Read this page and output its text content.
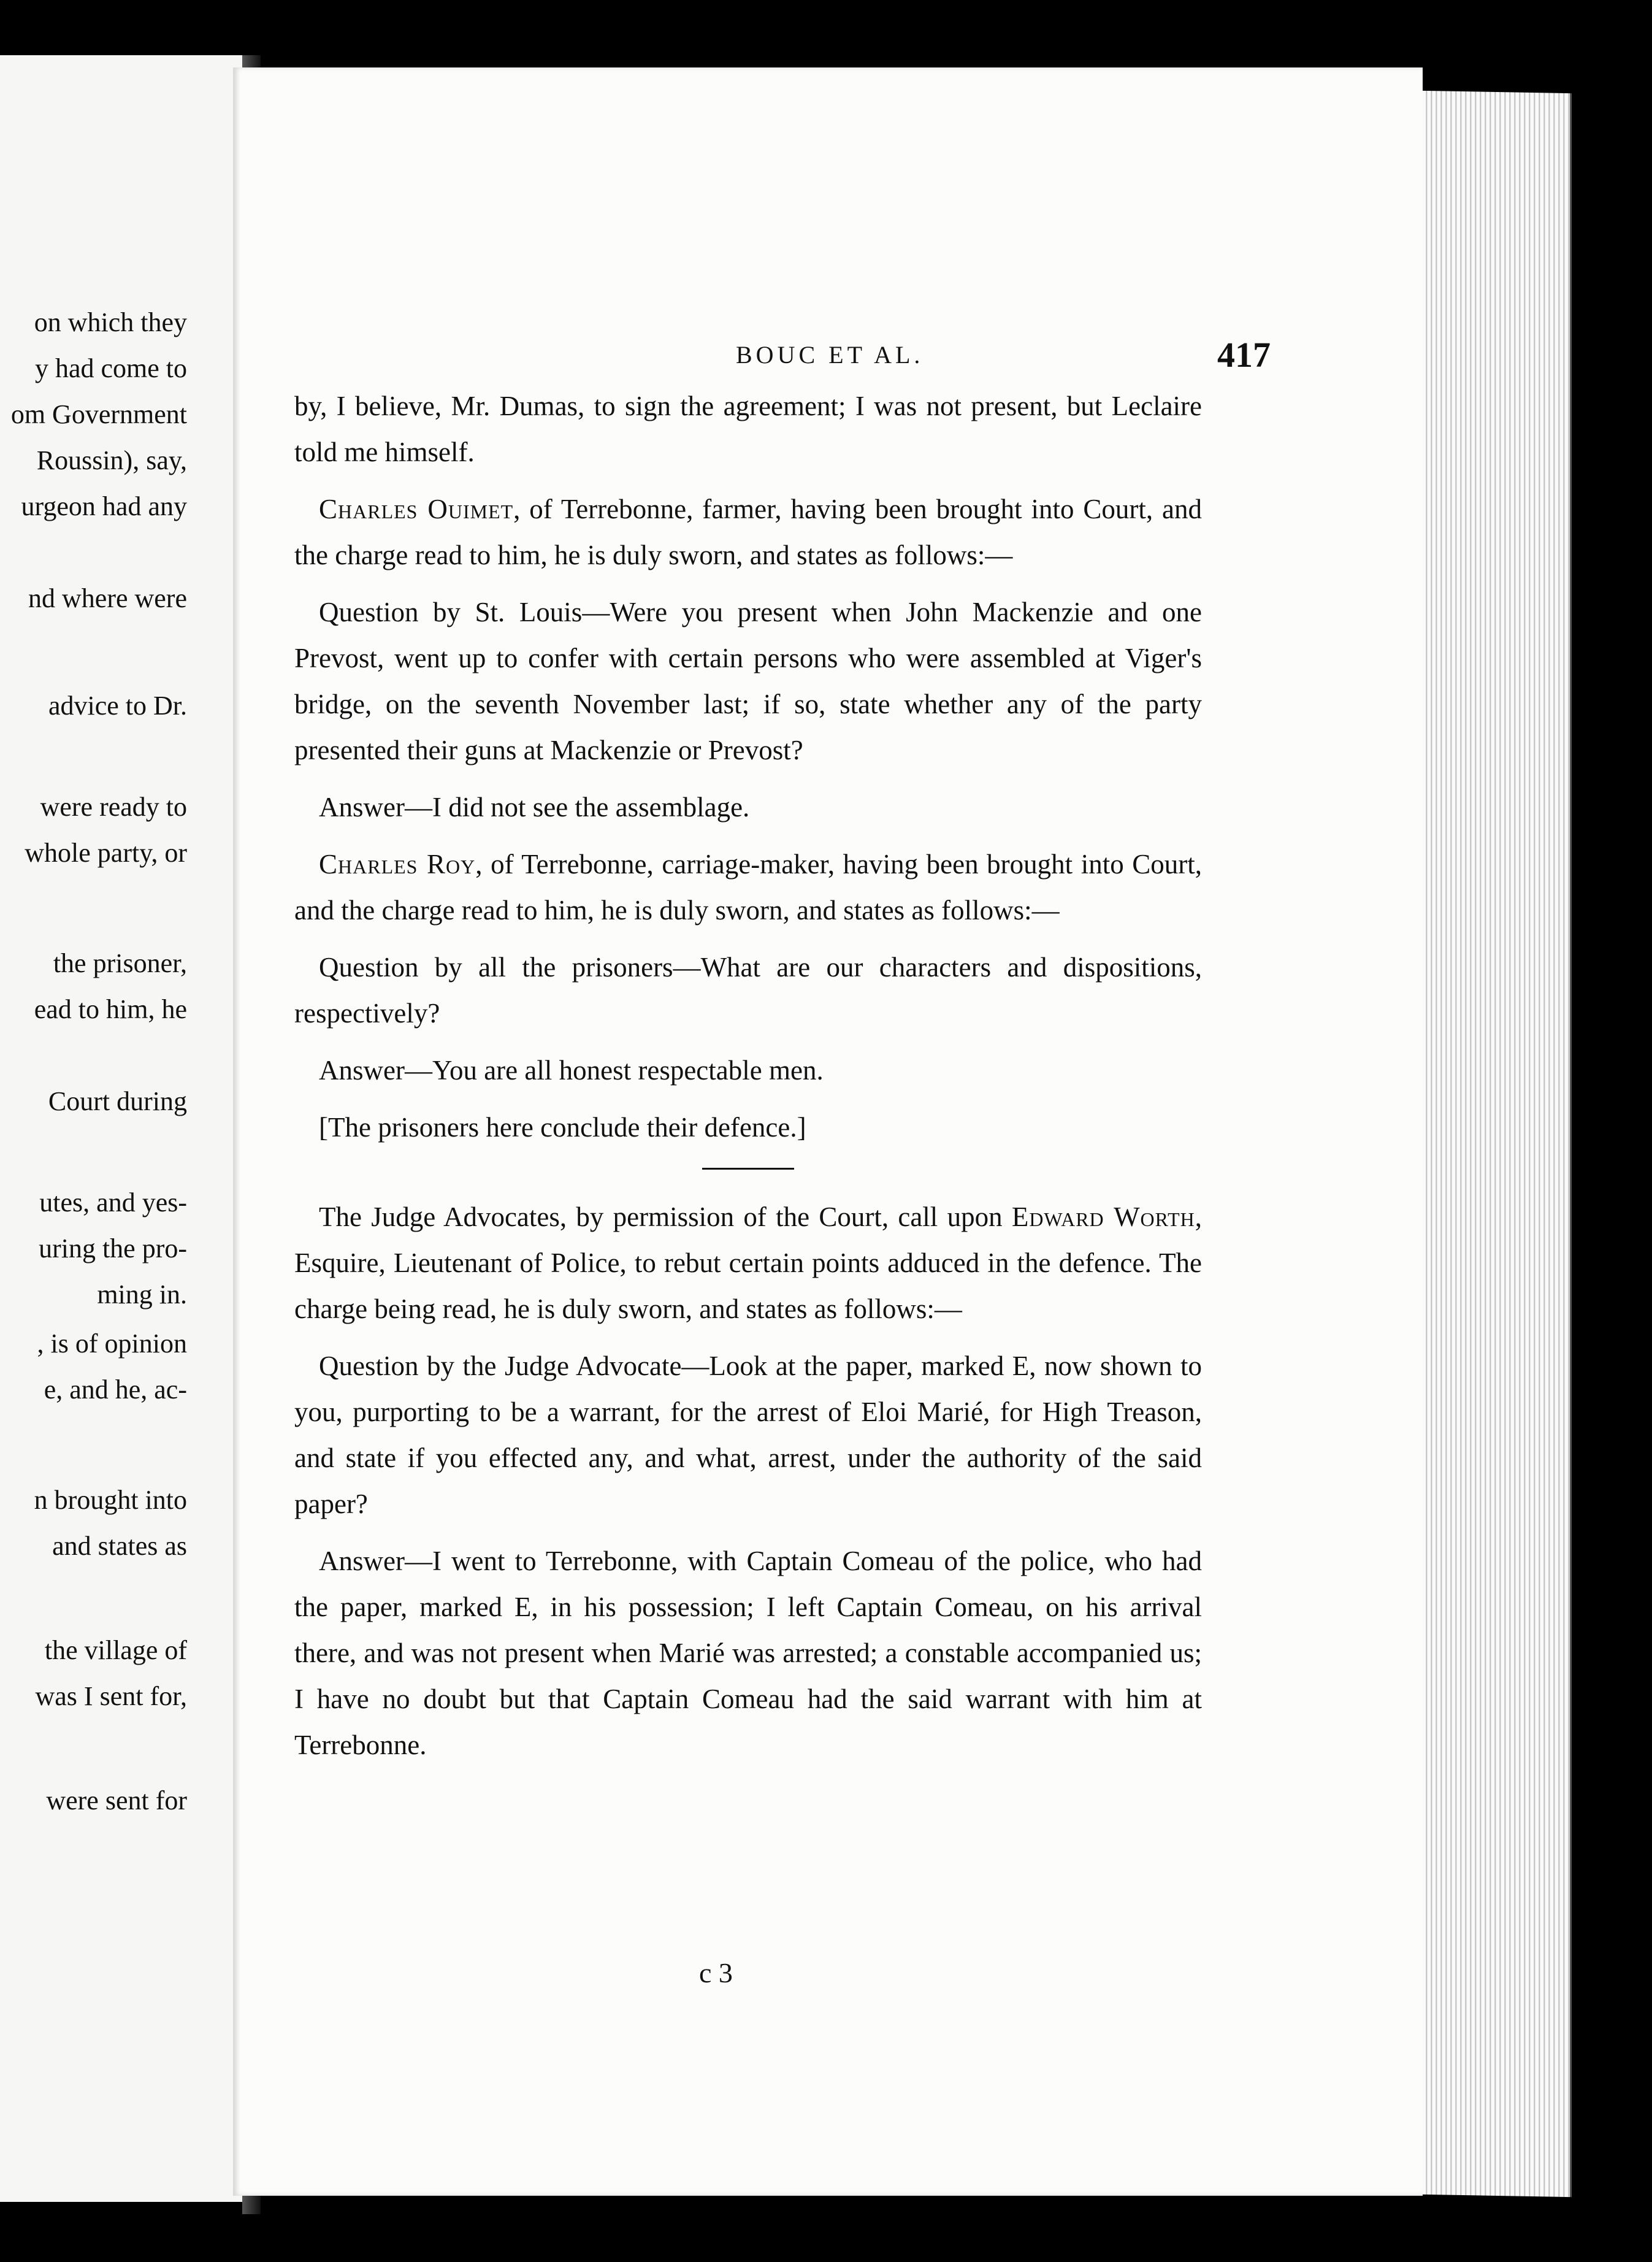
on which they
y had come to
om Government
Roussin), say,
urgeon had any
nd where were
advice to Dr.
were ready to
whole party, or
the prisoner,
ead to him, he
Court during
utes, and yes-
uring the pro-
ming in.
, is of opinion
e, and he, ac-
n brought into
and states as
the village of
was I sent for,
were sent for
BOUC ET AL.	417

by, I believe, Mr. Dumas, to sign the agreement; I was not present, but Leclaire told me himself.

Charles Ouimet, of Terrebonne, farmer, having been brought into Court, and the charge read to him, he is duly sworn, and states as follows:—

Question by St. Louis—Were you present when John Mackenzie and one Prevost, went up to confer with certain persons who were assembled at Viger's bridge, on the seventh November last; if so, state whether any of the party presented their guns at Mackenzie or Prevost?

Answer—I did not see the assemblage.

Charles Roy, of Terrebonne, carriage-maker, having been brought into Court, and the charge read to him, he is duly sworn, and states as follows:—

Question by all the prisoners—What are our characters and dispositions, respectively?

Answer—You are all honest respectable men.

[The prisoners here conclude their defence.]

The Judge Advocates, by permission of the Court, call upon Edward Worth, Esquire, Lieutenant of Police, to rebut certain points adduced in the defence. The charge being read, he is duly sworn, and states as follows:—

Question by the Judge Advocate—Look at the paper, marked E, now shown to you, purporting to be a warrant, for the arrest of Eloi Marié, for High Treason, and state if you effected any, and what, arrest, under the authority of the said paper?

Answer—I went to Terrebonne, with Captain Comeau of the police, who had the paper, marked E, in his possession; I left Captain Comeau, on his arrival there, and was not present when Marié was arrested; a constable accompanied us; I have no doubt but that Captain Comeau had the said warrant with him at Terrebonne.

c 3
